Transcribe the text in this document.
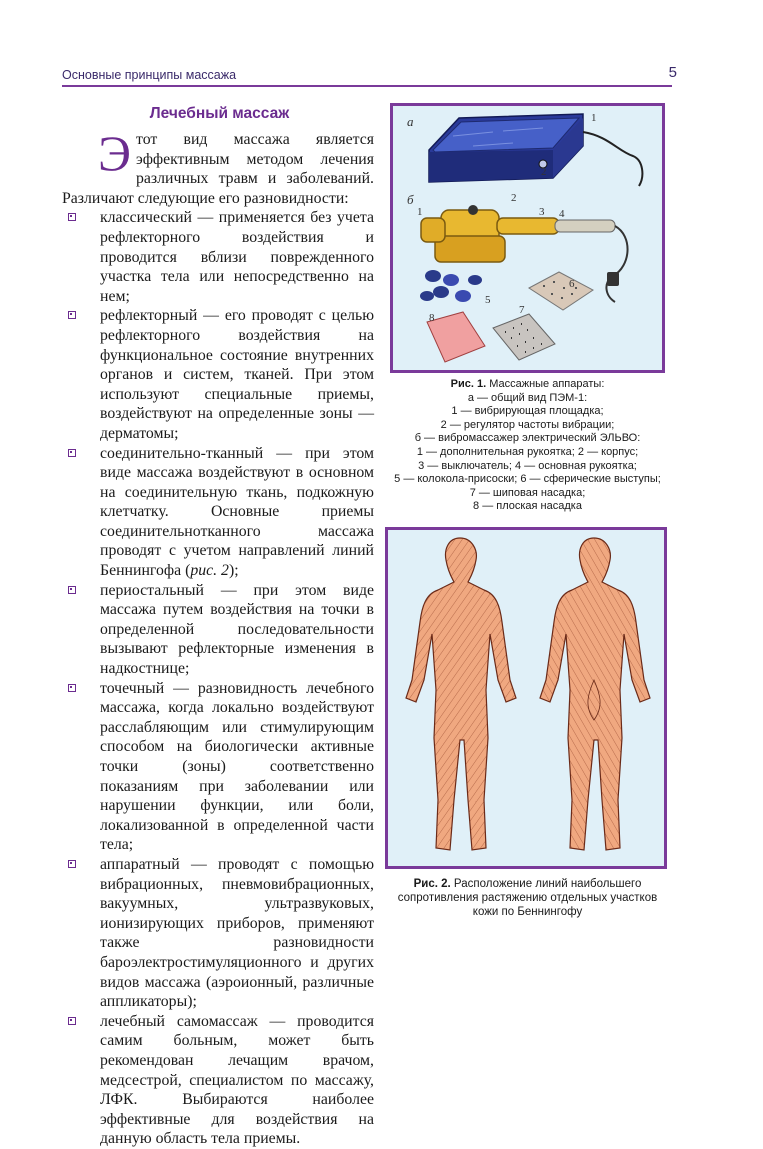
Основные принципы массажа	5
Лечебный массаж

Этот вид массажа является эффективным методом лечения различных травм и заболеваний. Различают следующие его разновидности:

классический — применяется без учета рефлекторного воздействия и проводится вблизи поврежденного участка тела или непосредственно на нем;
рефлекторный — его проводят с целью рефлекторного воздействия на функциональное состояние внутренних органов и систем, тканей. При этом используют специальные приемы, воздействуют на определенные зоны — дерматомы;
соединительно-тканный — при этом виде массажа воздействуют в основном на соединительную ткань, подкожную клетчатку. Основные приемы соединительнотканного массажа проводят с учетом направлений линий Беннингофа (рис. 2);
периостальный — при этом виде массажа путем воздействия на точки в определенной последовательности вызывают рефлекторные изменения в надкостнице;
точечный — разновидность лечебного массажа, когда локально воздействуют расслабляющим или стимулирующим способом на биологически активные точки (зоны) соответственно показаниям при заболевании или нарушении функции, или боли, локализованной в определенной части тела;
аппаратный — проводят с помощью вибрационных, пневмовибрационных, вакуумных, ультразвуковых, ионизирующих приборов, применяют также разновидности бароэлектростимуляционного и других видов массажа (аэроионный, различные аппликаторы);
лечебный самомассаж — проводится самим больным, может быть рекомендован лечащим врачом, медсестрой, специалистом по массажу, ЛФК. Выбираются наиболее эффективные для воздействия на данную область тела приемы.
а
б
1
2
1
2
3 4
5
6
7
8
Рис. 1. Массажные аппараты:
а — общий вид ПЭМ-1:
1 — вибрирующая площадка;
2 — регулятор частоты вибрации;
б — вибромассажер электрический ЭЛЬВО:
1 — дополнительная рукоятка; 2 — корпус;
3 — выключатель; 4 — основная рукоятка;
5 — колокола-присоски; 6 — сферические выступы;
7 — шиповая насадка;
8 — плоская насадка
Рис. 2. Расположение линий наибольшего сопротивления растяжению отдельных участков кожи по Беннингофу
